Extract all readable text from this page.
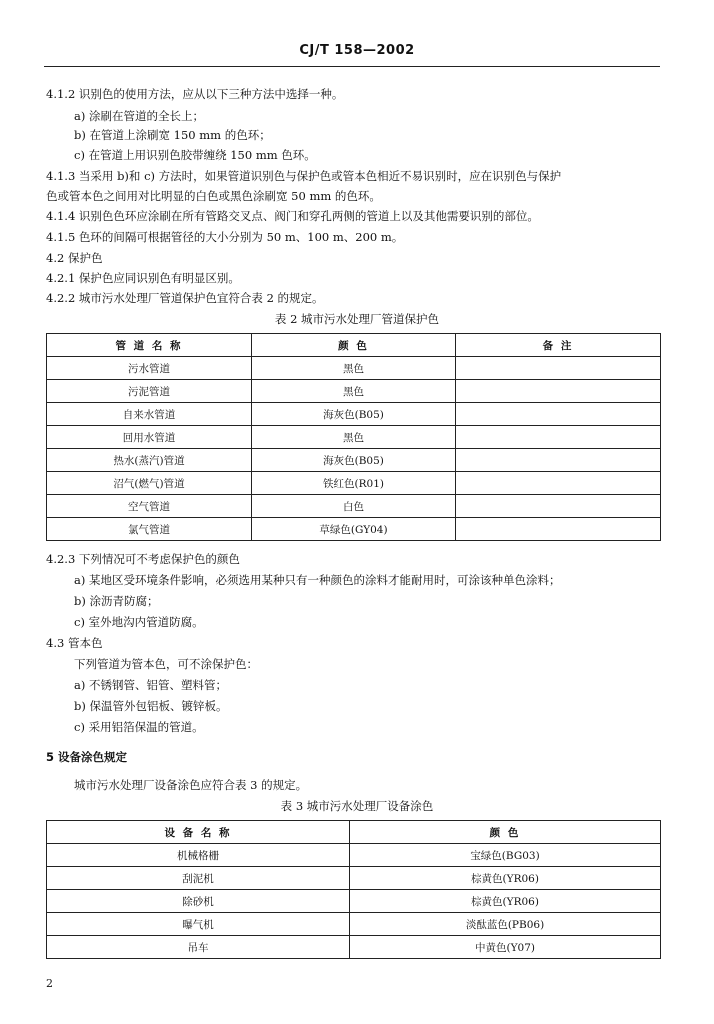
CJ/T 158—2002
4.1.2 识别色的使用方法，应从以下三种方法中选择一种。
a) 涂刷在管道的全长上；
b) 在管道上涂刷宽 150 mm 的色环；
c) 在管道上用识别色胶带缠绕 150 mm 色环。
4.1.3 当采用 b)和 c) 方法时，如果管道识别色与保护色或管本色相近不易识别时，应在识别色与保护
色或管本色之间用对比明显的白色或黑色涂刷宽 50 mm 的色环。
4.1.4 识别色色环应涂刷在所有管路交叉点、阀门和穿孔两侧的管道上以及其他需要识别的部位。
4.1.5 色环的间隔可根据管径的大小分别为 50 m、100 m、200 m。
4.2 保护色
4.2.1 保护色应同识别色有明显区别。
4.2.2 城市污水处理厂管道保护色宜符合表 2 的规定。
表 2 城市污水处理厂管道保护色
管 道 名 称	颜 色	备 注
污水管道	黑色	
污泥管道	黑色	
自来水管道	海灰色(B05)	
回用水管道	黑色	
热水(蒸汽)管道	海灰色(B05)	
沼气(燃气)管道	铁红色(R01)	
空气管道	白色	
氯气管道	草绿色(GY04)	
4.2.3 下列情况可不考虑保护色的颜色
a) 某地区受环境条件影响，必须选用某种只有一种颜色的涂料才能耐用时，可涂该种单色涂料；
b) 涂沥青防腐；
c) 室外地沟内管道防腐。
4.3 管本色
下列管道为管本色，可不涂保护色：
a) 不锈钢管、铝管、塑料管；
b) 保温管外包铝板、镀锌板。
c) 采用铝箔保温的管道。
5 设备涂色规定
城市污水处理厂设备涂色应符合表 3 的规定。
表 3 城市污水处理厂设备涂色
设 备 名 称	颜 色
机械格栅	宝绿色(BG03)
刮泥机	棕黄色(YR06)
除砂机	棕黄色(YR06)
曝气机	淡酞蓝色(PB06)
吊车	中黄色(Y07)
2
